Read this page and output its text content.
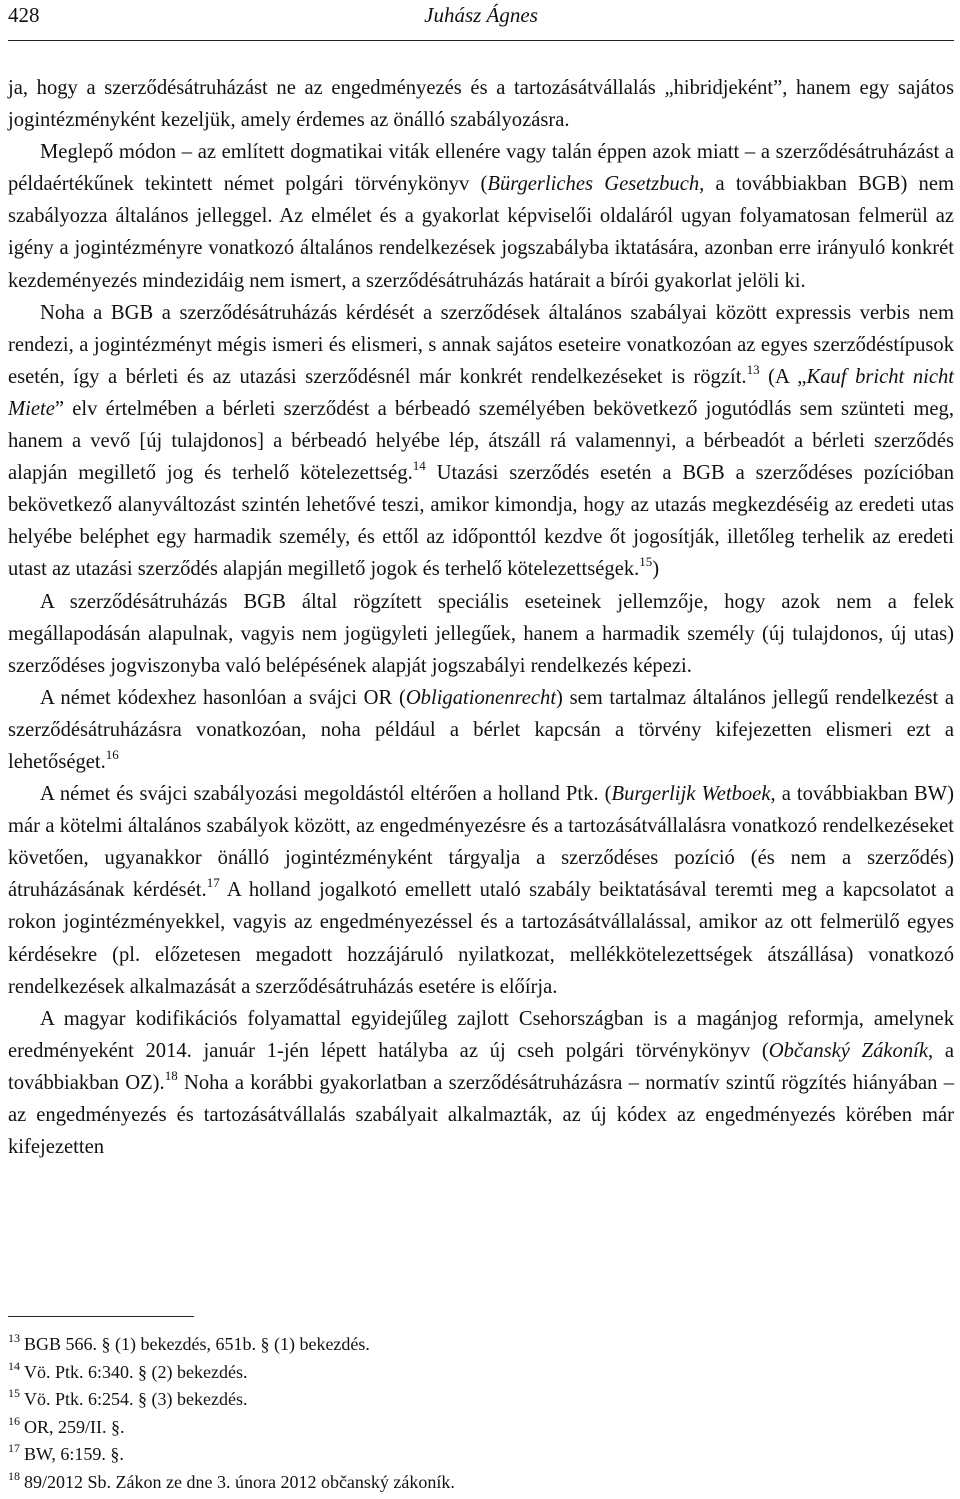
428	Juhász Ágnes

ja, hogy a szerződésátruházást ne az engedményezés és a tartozásátvállalás „hibridjeként”, hanem egy sajátos jogintézményként kezeljük, amely érdemes az önálló szabályozásra.

Meglepő módon – az említett dogmatikai viták ellenére vagy talán éppen azok miatt – a szerződésátruházást a példaértékűnek tekintett német polgári törvénykönyv (Bürgerliches Gesetzbuch, a továbbiakban BGB) nem szabályozza általános jelleggel. Az elmélet és a gyakorlat képviselői oldaláról ugyan folyamatosan felmerül az igény a jogintézményre vonatkozó általános rendelkezések jogszabályba iktatására, azonban erre irányuló konkrét kezdeményezés mindezidáig nem ismert, a szerződésátruházás határait a bírói gyakorlat jelöli ki.

Noha a BGB a szerződésátruházás kérdését a szerződések általános szabályai között expressis verbis nem rendezi, a jogintézményt mégis ismeri és elismeri, s annak sajátos eseteire vonatkozóan az egyes szerződéstípusok esetén, így a bérleti és az utazási szerződésnél már konkrét rendelkezéseket is rögzít.$^{13}$ (A „Kauf bricht nicht Miete” elv értelmében a bérleti szerződést a bérbeadó személyében bekövetkező jogutódlás sem szünteti meg, hanem a vevő [új tulajdonos] a bérbeadó helyébe lép, átszáll rá valamennyi, a bérbeadót a bérleti szerződés alapján megillető jog és terhelő kötelezettség.$^{14}$ Utazási szerződés esetén a BGB a szerződéses pozícióban bekövetkező alanyváltozást szintén lehetővé teszi, amikor kimondja, hogy az utazás megkezdéséig az eredeti utas helyébe beléphet egy harmadik személy, és ettől az időponttól kezdve őt jogosítják, illetőleg terhelik az eredeti utast az utazási szerződés alapján megillető jogok és terhelő kötelezettségek.$^{15}$)

A szerződésátruházás BGB által rögzített speciális eseteinek jellemzője, hogy azok nem a felek megállapodásán alapulnak, vagyis nem jogügyleti jellegűek, hanem a harmadik személy (új tulajdonos, új utas) szerződéses jogviszonyba való belépésének alapját jogszabályi rendelkezés képezi.

A német kódexhez hasonlóan a svájci OR (Obligationenrecht) sem tartalmaz általános jellegű rendelkezést a szerződésátruházásra vonatkozóan, noha például a bérlet kapcsán a törvény kifejezetten elismeri ezt a lehetőséget.$^{16}$

A német és svájci szabályozási megoldástól eltérően a holland Ptk. (Burgerlijk Wetboek, a továbbiakban BW) már a kötelmi általános szabályok között, az engedményezésre és a tartozásátvállalásra vonatkozó rendelkezéseket követően, ugyanakkor önálló jogintézményként tárgyalja a szerződéses pozíció (és nem a szerződés) átruházásának kérdését.$^{17}$ A holland jogalkotó emellett utaló szabály beiktatásával teremti meg a kapcsolatot a rokon jogintézményekkel, vagyis az engedményezéssel és a tartozásátvállalással, amikor az ott felmerülő egyes kérdésekre (pl. előzetesen megadott hozzájáruló nyilatkozat, mellékkötelezettségek átszállása) vonatkozó rendelkezések alkalmazását a szerződésátruházás esetére is előírja.

A magyar kodifikációs folyamattal egyidejűleg zajlott Csehországban is a magánjog reformja, amelynek eredményeként 2014. január 1-jén lépett hatályba az új cseh polgári törvénykönyv (Občanský Zákoník, a továbbiakban OZ).$^{18}$ Noha a korábbi gyakorlatban a szerződésátruházásra – normatív szintű rögzítés hiányában – az engedményezés és tartozásátvállalás szabályait alkalmazták, az új kódex az engedményezés körében már kifejezetten

$^{13}$ BGB 566. § (1) bekezdés, 651b. § (1) bekezdés.
$^{14}$ Vö. Ptk. 6:340. § (2) bekezdés.
$^{15}$ Vö. Ptk. 6:254. § (3) bekezdés.
$^{16}$ OR, 259/II. §.
$^{17}$ BW, 6:159. §.
$^{18}$ 89/2012 Sb. Zákon ze dne 3. února 2012 občanský zákoník.
